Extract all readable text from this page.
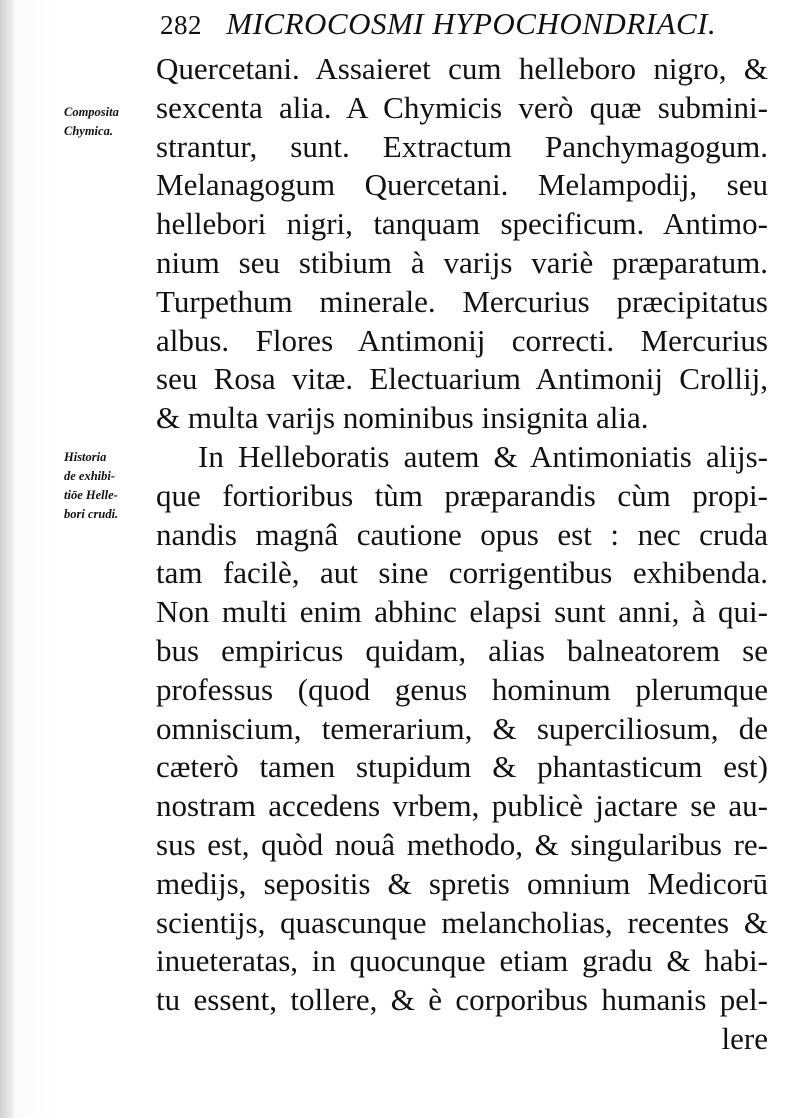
282 MICROCOSMI HYPOCHONDRIACI.
Composita
Chymica.
Historia
de exhibi-
tiōe Helle-
bori crudi.
Quercetani. Assaieret cum helleboro nigro, &
sexcenta alia. A Chymicis verò quæ submini-
strantur, sunt. Extractum Panchymagogum.
Melanagogum Quercetani. Melampodij, seu
hellebori nigri, tanquam specificum. Antimo-
nium seu stibium à varijs variè præparatum.
Turpethum minerale. Mercurius præcipitatus
albus. Flores Antimonij correcti. Mercurius
seu Rosa vitæ. Electuarium Antimonij Crollij,
& multa varijs nominibus insignita alia.
In Helleboratis autem & Antimoniatis alijs-
que fortioribus tùm præparandis cùm propi-
nandis magnâ cautione opus est : nec cruda
tam facilè, aut sine corrigentibus exhibenda.
Non multi enim abhinc elapsi sunt anni, à qui-
bus empiricus quidam, alias balneatorem se
professus (quod genus hominum plerumque
omniscium, temerarium, & superciliosum, de
cæterò tamen stupidum & phantasticum est)
nostram accedens vrbem, publicè jactare se au-
sus est, quòd nouâ methodo, & singularibus re-
medijs, sepositis & spretis omnium Medicorū
scientijs, quascunque melancholias, recentes &
inueteratas, in quocunque etiam gradu & habi-
tu essent, tollere, & è corporibus humanis pel-
lere
